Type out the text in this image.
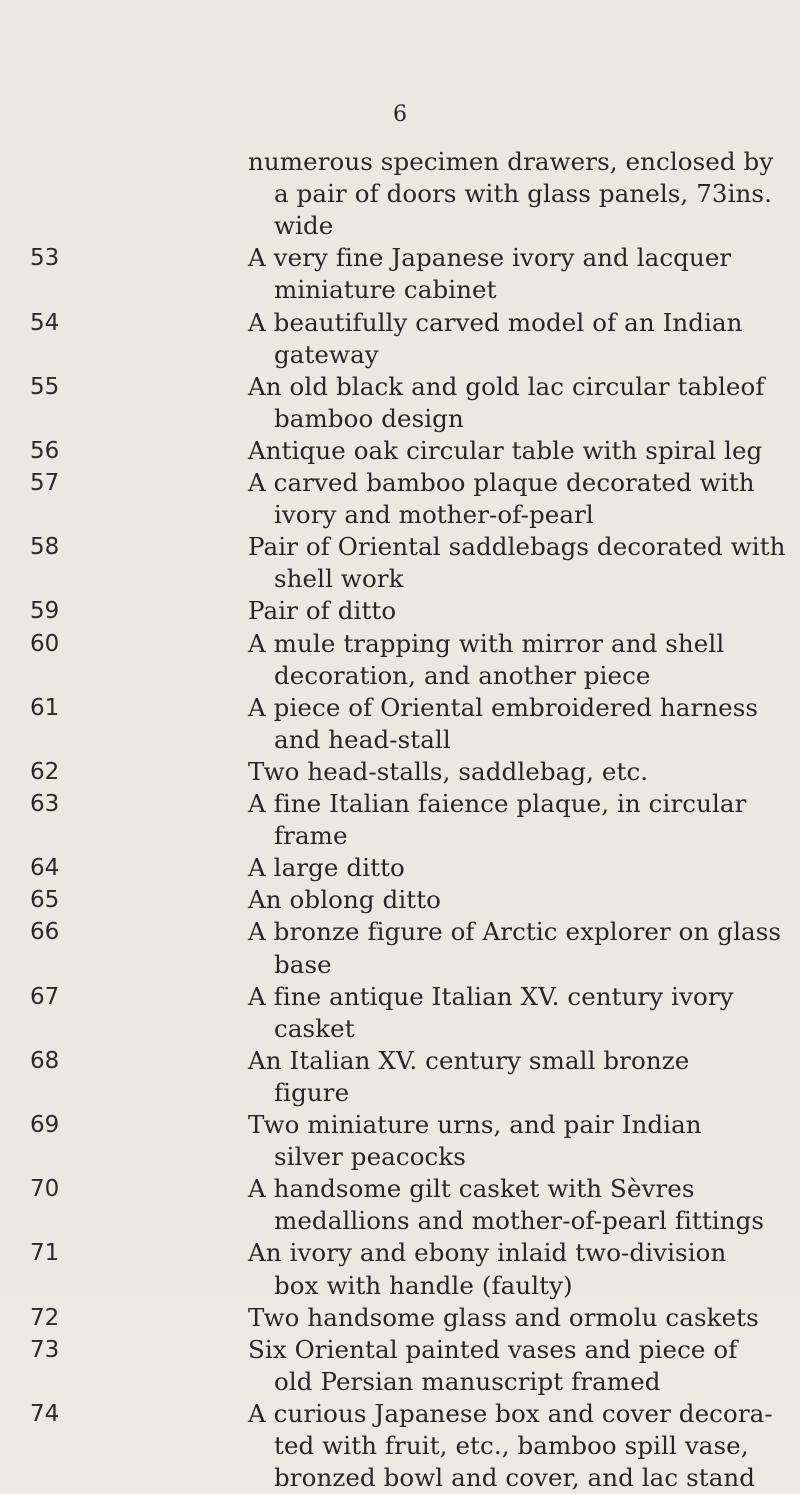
6
numerous specimen drawers, enclosed by
a pair of doors with glass panels, 73ins.
wide
53	A very fine Japanese ivory and lacquer
miniature cabinet
54	A beautifully carved model of an Indian
gateway
55	An old black and gold lac circular tableof
bamboo design
56	Antique oak circular table with spiral leg
57	A carved bamboo plaque decorated with
ivory and mother-of-pearl
58	Pair of Oriental saddlebags decorated with
shell work
59	Pair of ditto
60	A mule trapping with mirror and shell
decoration, and another piece
61	A piece of Oriental embroidered harness
and head-stall
62	Two head-stalls, saddlebag, etc.
63	A fine Italian faience plaque, in circular
frame
64	A large ditto
65	An oblong ditto
66	A bronze figure of Arctic explorer on glass
base
67	A fine antique Italian XV. century ivory
casket
68	An Italian XV. century small bronze
figure
69	Two miniature urns, and pair Indian
silver peacocks
70	A handsome gilt casket with Sèvres
medallions and mother-of-pearl fittings
71	An ivory and ebony inlaid two-division
box with handle (faulty)
72	Two handsome glass and ormolu caskets
73	Six Oriental painted vases and piece of
old Persian manuscript framed
74	A curious Japanese box and cover decora-
ted with fruit, etc., bamboo spill vase,
bronzed bowl and cover, and lac stand
